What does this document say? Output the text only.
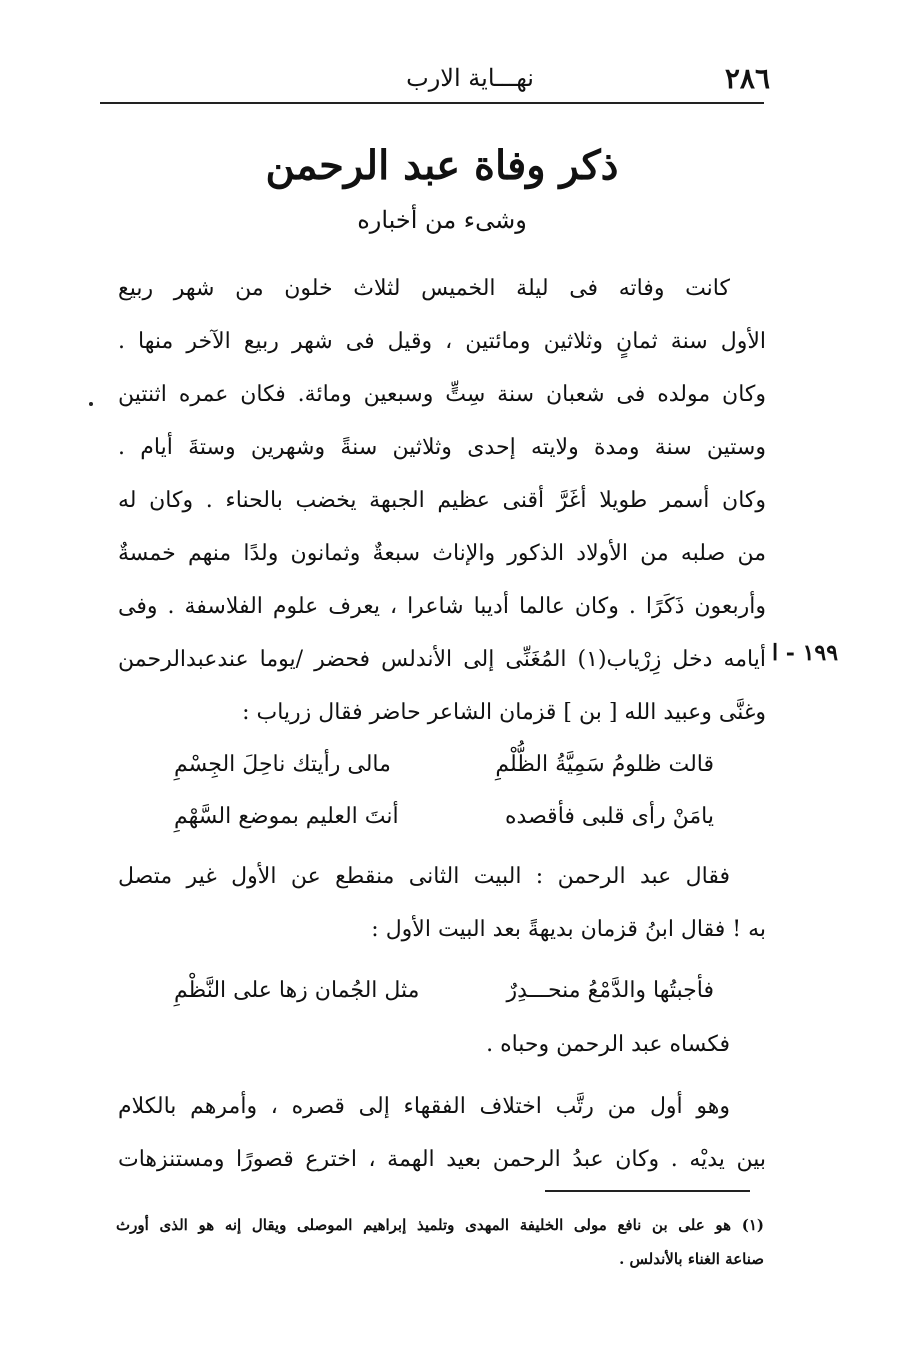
٢٨٦
نهـــاية الارب
ذكر وفاة عبد الرحمن
وشىء من أخباره
كانت وفاته فى ليلة الخميس لثلاث خلون من شهر ربيع
الأول سنة ثمانٍ وثلاثين ومائتين ، وقيل فى شهر ربيع الآخر منها .
وكان مولده فى شعبان سنة سِتٍّ وسبعين ومائة. فكان عمره اثنتين
وستين سنة ومدة ولايته إحدى وثلاثين سنةً وشهرين وستةَ أيام .
وكان أسمر طويلا أغَرَّ أقنى عظيم الجبهة يخضب بالحناء . وكان له
من صلبه من الأولاد الذكور والإناث سبعةٌ وثمانون ولدًا منهم خمسةٌ
وأربعون ذَكَرًا . وكان عالما أديبا شاعرا ، يعرف علوم الفلاسفة . وفى
أيامه دخل زِرْياب(١) المُغَنِّى إلى الأندلس فحضر /يوما عندعبدالرحمن
وغنَّى وعبيد الله [ بن ] قزمان الشاعر حاضر فقال زرياب :
١٩٩ - ا
قالت ظلومُ سَمِيَّةُ الظُّلْمِ
مالى رأيتك ناحِلَ الجِسْمِ
يامَنْ رأى قلبى فأقصده
أنتَ العليم بموضع السَّهْمِ
فقال عبد الرحمن : البيت الثانى منقطع عن الأول غير متصل
به ! فقال ابنُ قزمان بديهةً بعد البيت الأول :
فأجبتُها والدَّمْعُ منحـــدِرٌ
مثل الجُمان زها على النَّظْمِ
فكساه عبد الرحمن وحباه .
وهو أول من رتَّب اختلاف الفقهاء إلى قصره ، وأمرهم بالكلام
بين يديْه . وكان عبدُ الرحمن بعيد الهمة ، اخترع قصورًا ومستنزهات
(١) هو على بن نافع مولى الخليفة المهدى وتلميذ إبراهيم الموصلى ويقال إنه هو الذى أورث
صناعة الغناء بالأندلس .
